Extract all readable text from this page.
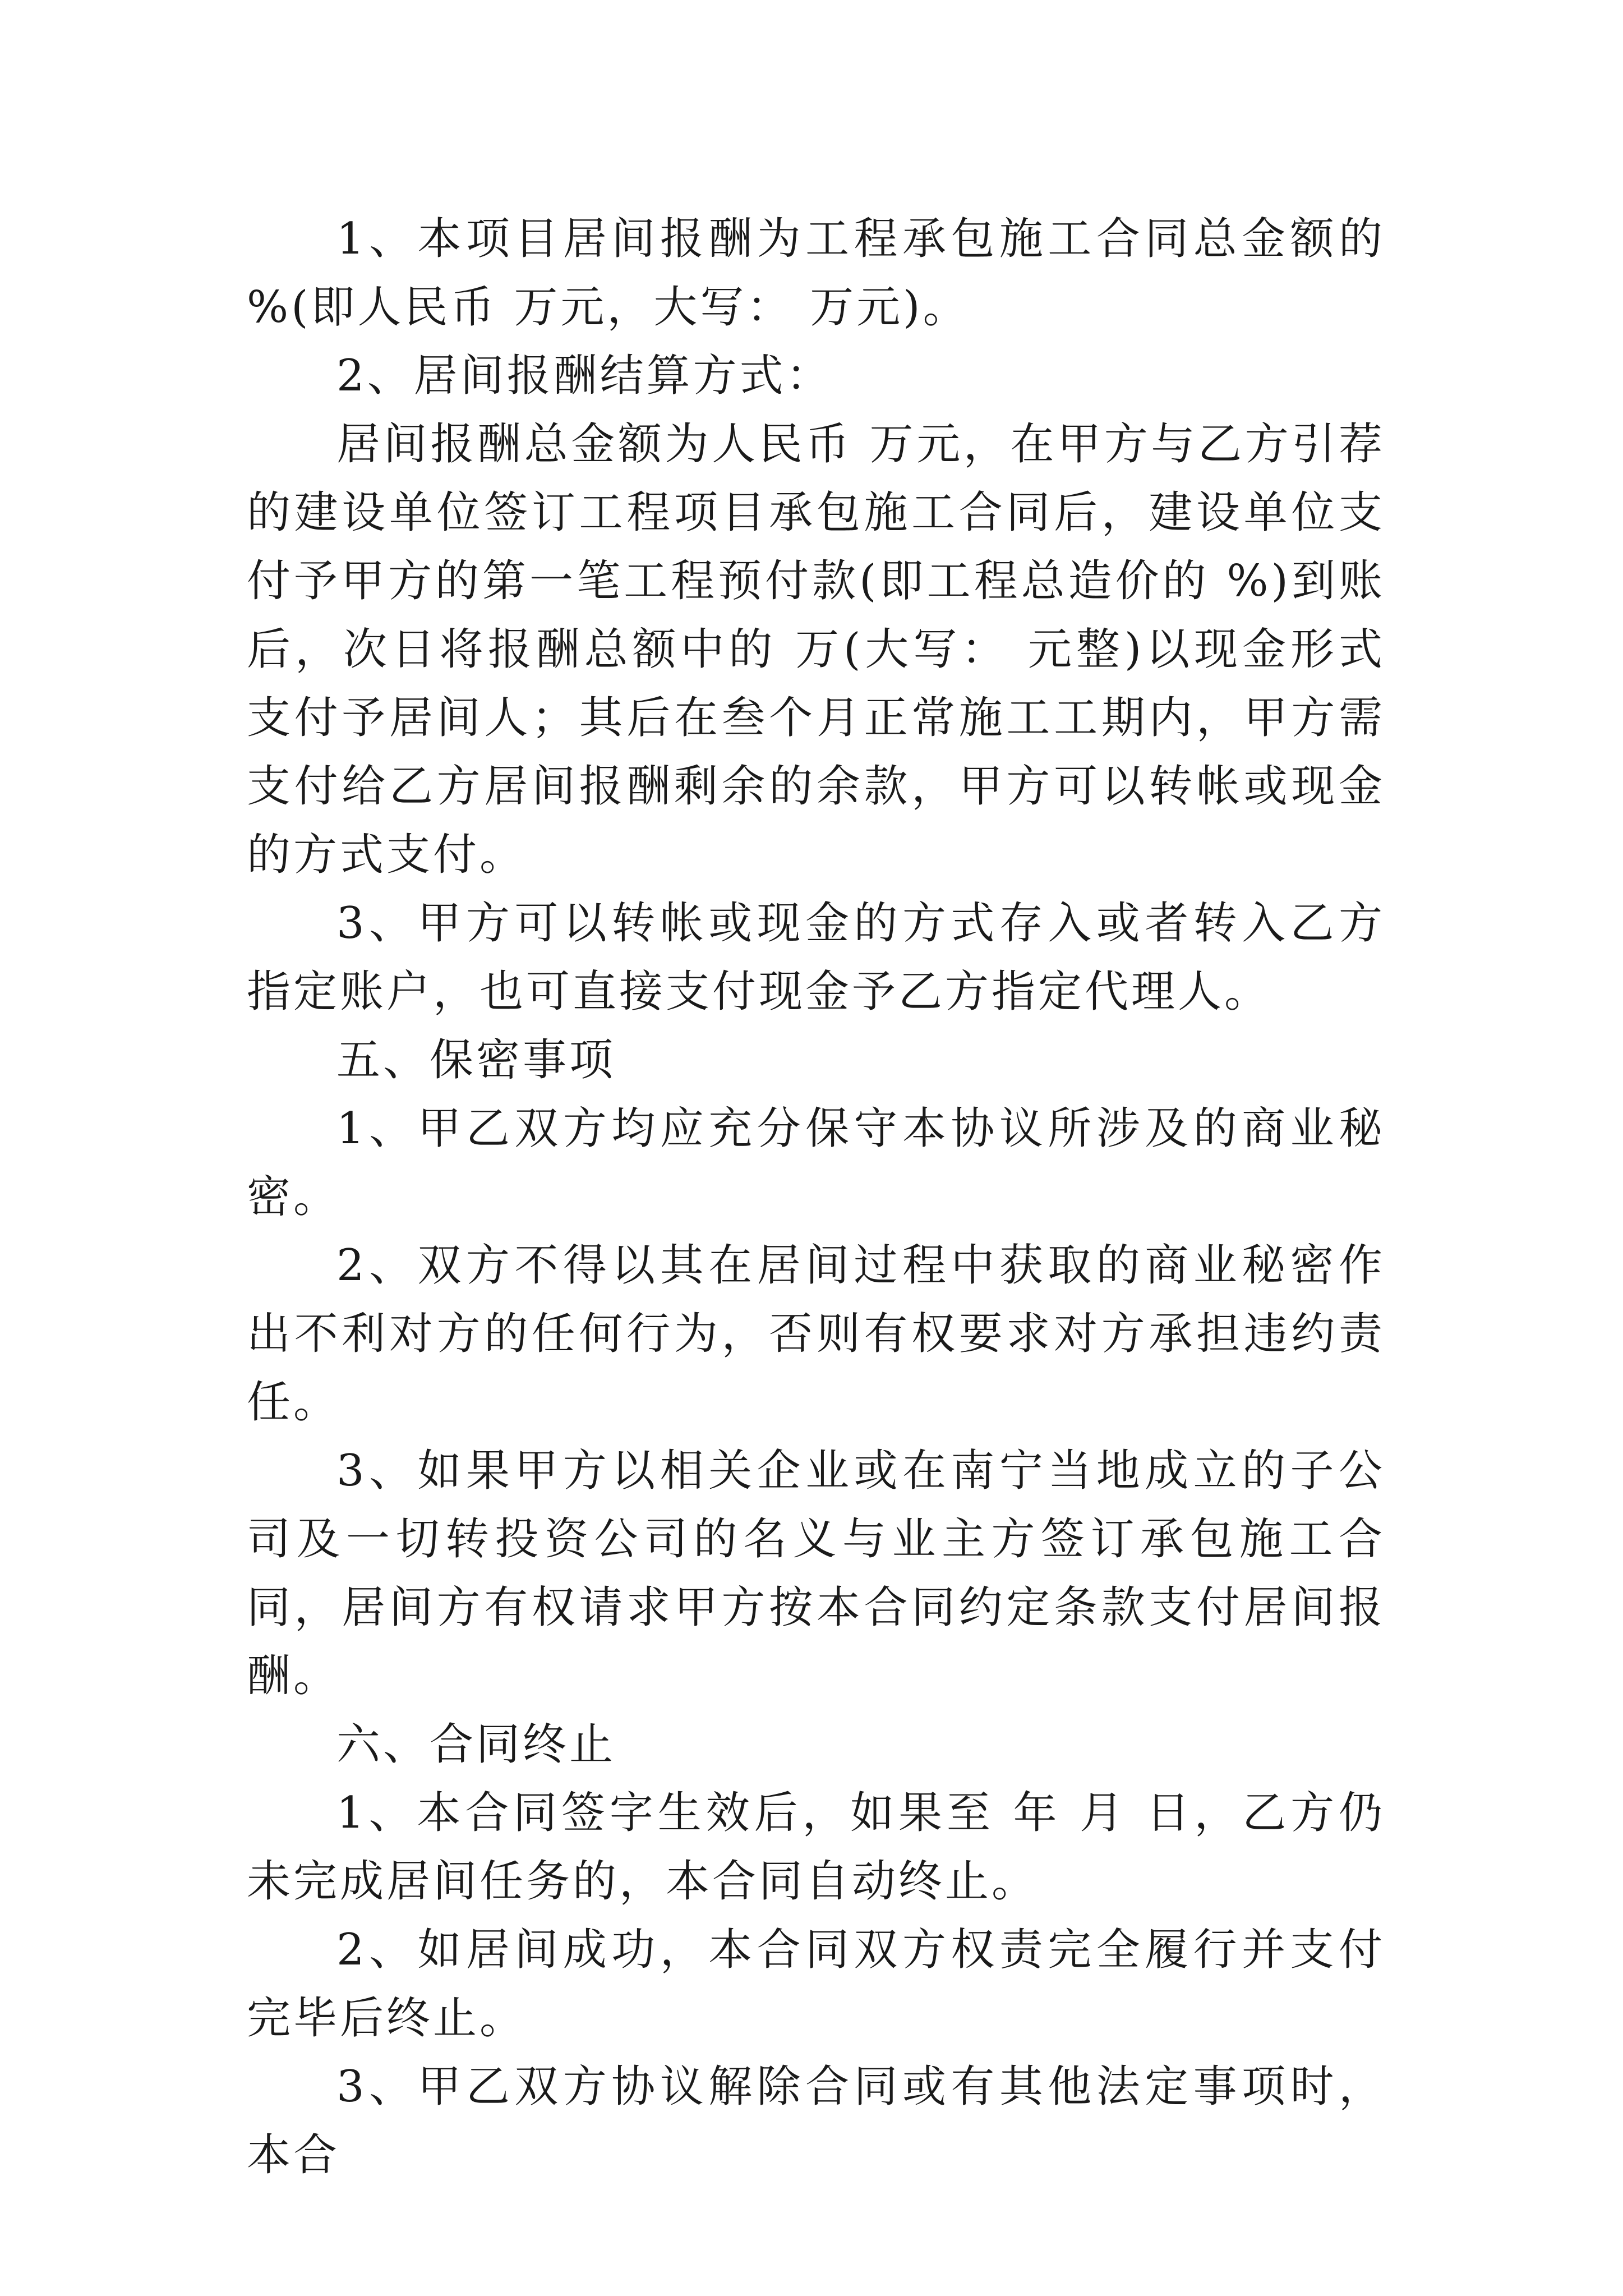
1、本项目居间报酬为工程承包施工合同总金额的 %(即人民币 万元，大写： 万元)。

2、居间报酬结算方式：

居间报酬总金额为人民币 万元，在甲方与乙方引荐的建设单位签订工程项目承包施工合同后，建设单位支付予甲方的第一笔工程预付款(即工程总造价的 %)到账后，次日将报酬总额中的 万(大写： 元整)以现金形式支付予居间人；其后在叁个月正常施工工期内，甲方需支付给乙方居间报酬剩余的余款，甲方可以转帐或现金的方式支付。

3、甲方可以转帐或现金的方式存入或者转入乙方指定账户，也可直接支付现金予乙方指定代理人。

五、保密事项

1、甲乙双方均应充分保守本协议所涉及的商业秘密。

2、双方不得以其在居间过程中获取的商业秘密作出不利对方的任何行为，否则有权要求对方承担违约责任。

3、如果甲方以相关企业或在南宁当地成立的子公司及一切转投资公司的名义与业主方签订承包施工合同，居间方有权请求甲方按本合同约定条款支付居间报酬。

六、合同终止

1、本合同签字生效后，如果至 年 月 日，乙方仍未完成居间任务的，本合同自动终止。

2、如居间成功，本合同双方权责完全履行并支付完毕后终止。

3、甲乙双方协议解除合同或有其他法定事项时，本合
